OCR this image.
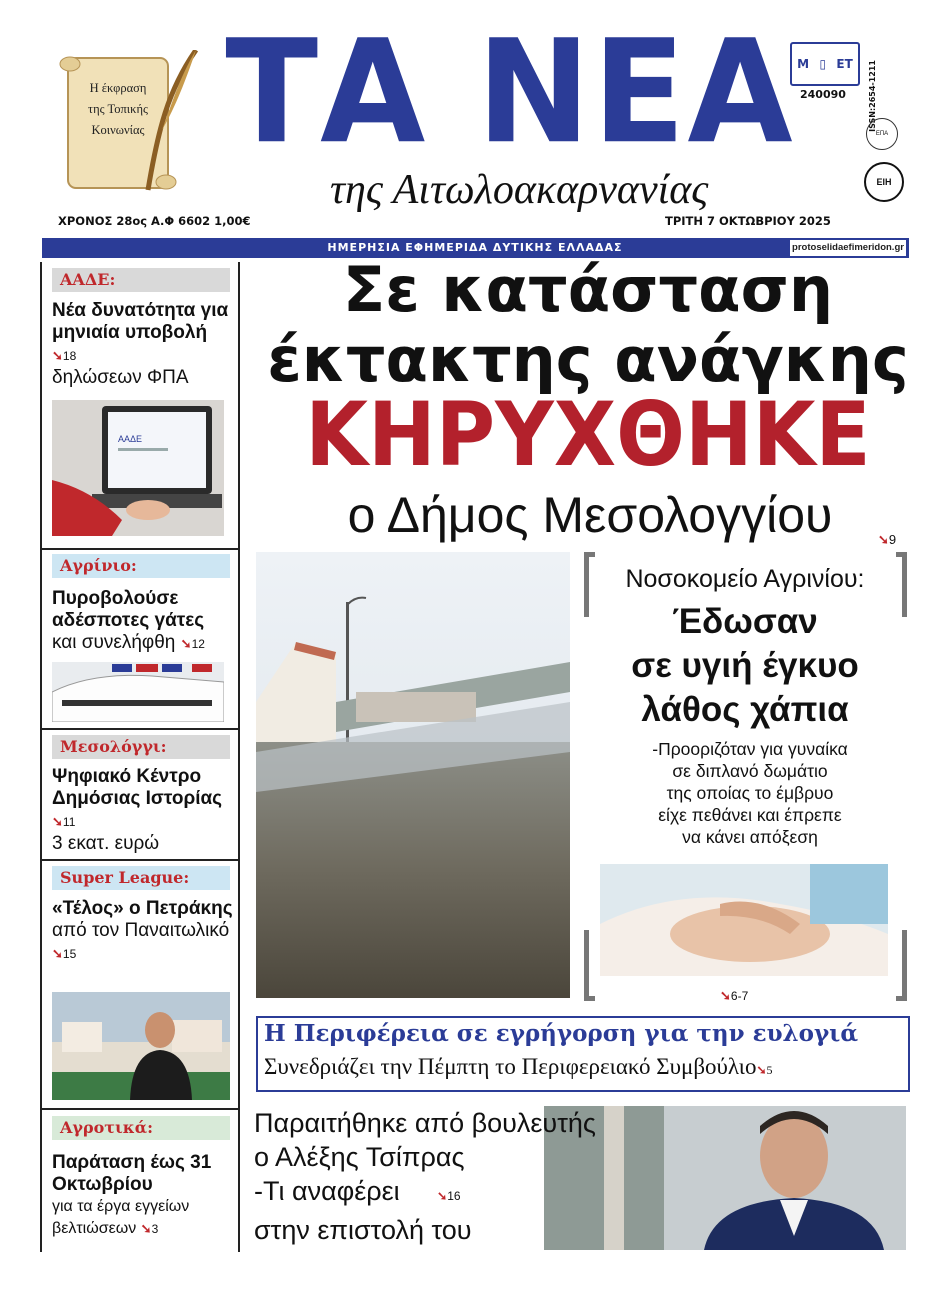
Η έκφραση
της Τοπικής
Κοινωνίας ΤΑ ΝΕΑ
της Αιτωλοακαρνανίας
Μ ▯ ΕΤ
240090	ISSN:2654-1211
ΕΠΑ
ΕΙΗ
ΧΡΟΝΟΣ 28ος Α.Φ 6602 1,00€	ΤΡΙΤΗ 7 ΟΚΤΩΒΡΙΟΥ 2025
ΗΜΕΡΗΣΙΑ ΕΦΗΜΕΡΙΔΑ ΔΥΤΙΚΗΣ ΕΛΛΑΔΑΣ	protoselidaefimeridon.gr
ΑΑΔΕ:
Νέα δυνατότητα για μηνιαία υποβολή ➘18
δηλώσεων ΦΠΑ
ΑΑΔΕ
Αγρίνιο:
Πυροβολούσε αδέσποτες γάτες
και συνελήφθη ➘12
Μεσολόγγι:
Ψηφιακό Κέντρο Δημόσιας Ιστορίας ➘11
3 εκατ. ευρώ
Super League:
«Τέλος» ο Πετράκης
από τον Παναιτωλικό ➘15
Αγροτικά:
Παράταση έως 31 Οκτωβρίου
για τα έργα εγγείων βελτιώσεων ➘3
Σε κατάσταση
έκτακτης ανάγκης
ΚΗΡΥΧΘΗΚΕ
ο Δήμος Μεσολογγίου	➘9
Νοσοκομείο Αγρινίου:
Έδωσαν
σε υγιή έγκυο
λάθος χάπια
-Προοριζόταν για γυναίκα
σε διπλανό δωμάτιο
της οποίας το έμβρυο
είχε πεθάνει και έπρεπε
να κάνει απόξεση
➘6-7
Η Περιφέρεια σε εγρήγορση για την ευλογιά
Συνεδριάζει την Πέμπτη το Περιφερειακό Συμβούλιο➘5
Παραιτήθηκε από βουλευτής
ο Αλέξης Τσίπρας
-Τι αναφέρει	➘16
στην επιστολή του
